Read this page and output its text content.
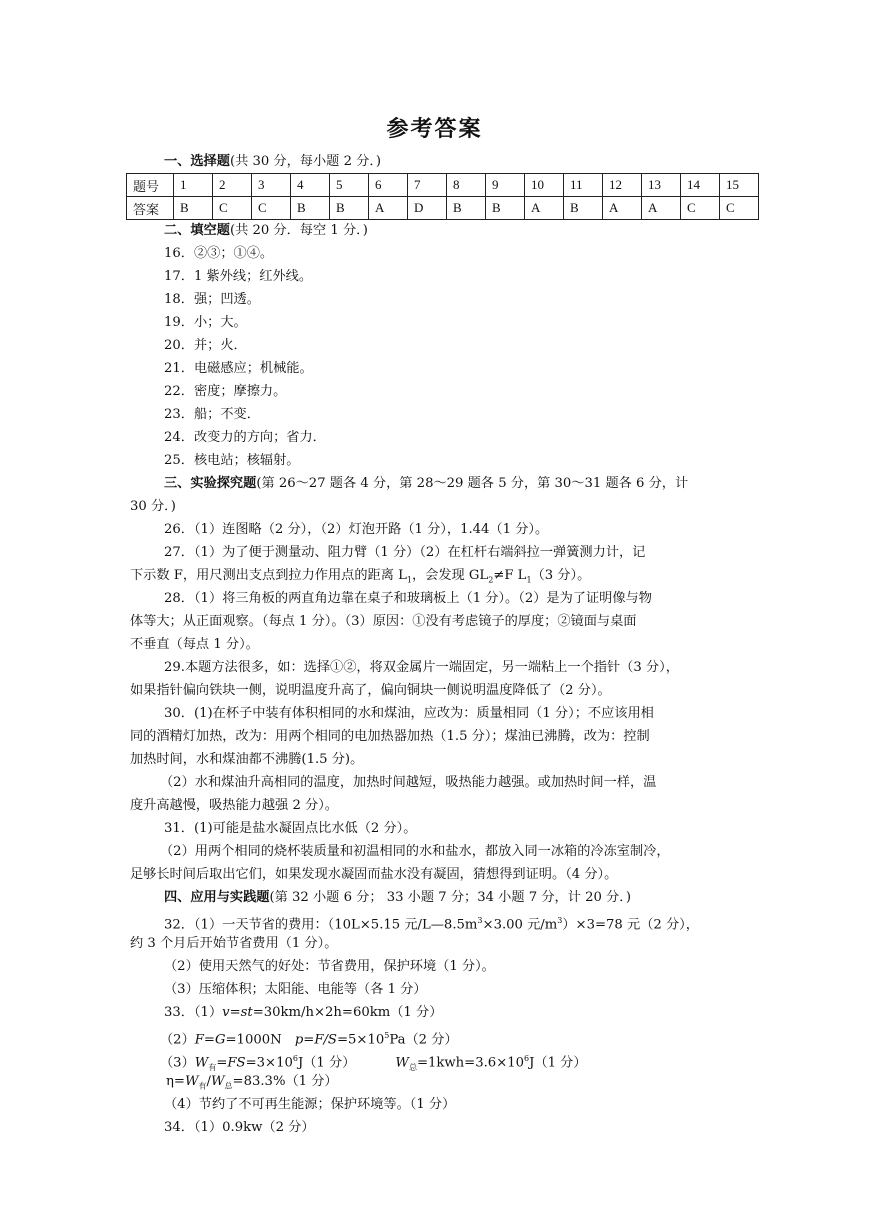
参考答案
一、选择题(共 30 分，每小题 2 分．)
题号	1	2	3	4	5	6	7	8	9	10	11	12	13	14	15
答案	B	C	C	B	B	A	D	B	B	A	B	A	A	C	C
二、填空题(共 20 分．每空 1 分．)
16．②③；①④。
17．1 紫外线；红外线。
18．强；凹透。
19．小；大。
20．并；火．
21．电磁感应；机械能。
22．密度；摩擦力。
23．船；不变．
24．改变力的方向；省力．
25．核电站；核辐射。
三、实验探究题(第 26～27 题各 4 分，第 28～29 题各 5 分，第 30～31 题各 6 分，计
30 分．)
26．（1）连图略（2 分），（2）灯泡开路（1 分），1.44（1 分）。
27．（1）为了便于测量动、阻力臂（1 分）（2）在杠杆右端斜拉一弹簧测力计，记
下示数 F，用尺测出支点到拉力作用点的距离 $L_1$，会发现 $GL_2\ne F$ $L_1(3$ 分）。
28．（1）将三角板的两直角边靠在桌子和玻璃板上（1 分）。（2）是为了证明像与物
体等大；从正面观察。（每点 1 分）。（3）原因：①没有考虑镜子的厚度；②镜面与桌面
不垂直（每点 1 分）。
29.本题方法很多，如：选择①②，将双金属片一端固定，另一端粘上一个指针（3 分），
如果指针偏向铁块一侧，说明温度升高了，偏向铜块一侧说明温度降低了（2 分）。
30．(1)在杯子中装有体积相同的水和煤油，应改为：质量相同（1 分）；不应该用相
同的酒精灯加热，改为：用两个相同的电加热器加热（1.5 分）；煤油已沸腾，改为：控制
加热时间，水和煤油都不沸腾(1.5 分)。
（2）水和煤油升高相同的温度，加热时间越短，吸热能力越强。或加热时间一样，温
度升高越慢，吸热能力越强 2 分）。
31．(1)可能是盐水凝固点比水低（2 分）。
（2）用两个相同的烧杯装质量和初温相同的水和盐水，都放入同一冰箱的冷冻室制冷，
足够长时间后取出它们，如果发现水凝固而盐水没有凝固，猜想得到证明。（4 分）。
四、应用与实践题(第 32 小题 6 分； 33 小题 7 分；34 小题 7 分，计 20 分．)
32．（1）一天节省的费用：（10L×5.15 元$/L—8.5m^3\times 3.00$ 元$/m^3)\times 3=78$ 元（2 分），
约 3 个月后开始节省费用（1 分）。
（2）使用天然气的好处：节省费用，保护环境（1 分）。
（3）压缩体积；太阳能、电能等（各 1 分）
33．（1）v=st=30km/h×2h=60km（1 分）
（2）F=G=1000N　$p=F/S=5\times 10^5Pa(2$ 分）
$(3)W_有=FS=3\times 10^6J(1$ 分）	$W_总=1kwh=3.6\times 10^6J(1$ 分）
$\eta=W_有/W_总=83.3\%(1$ 分）
（4）节约了不可再生能源；保护环境等。（1 分）
34．（1）0.9kw（2 分）
